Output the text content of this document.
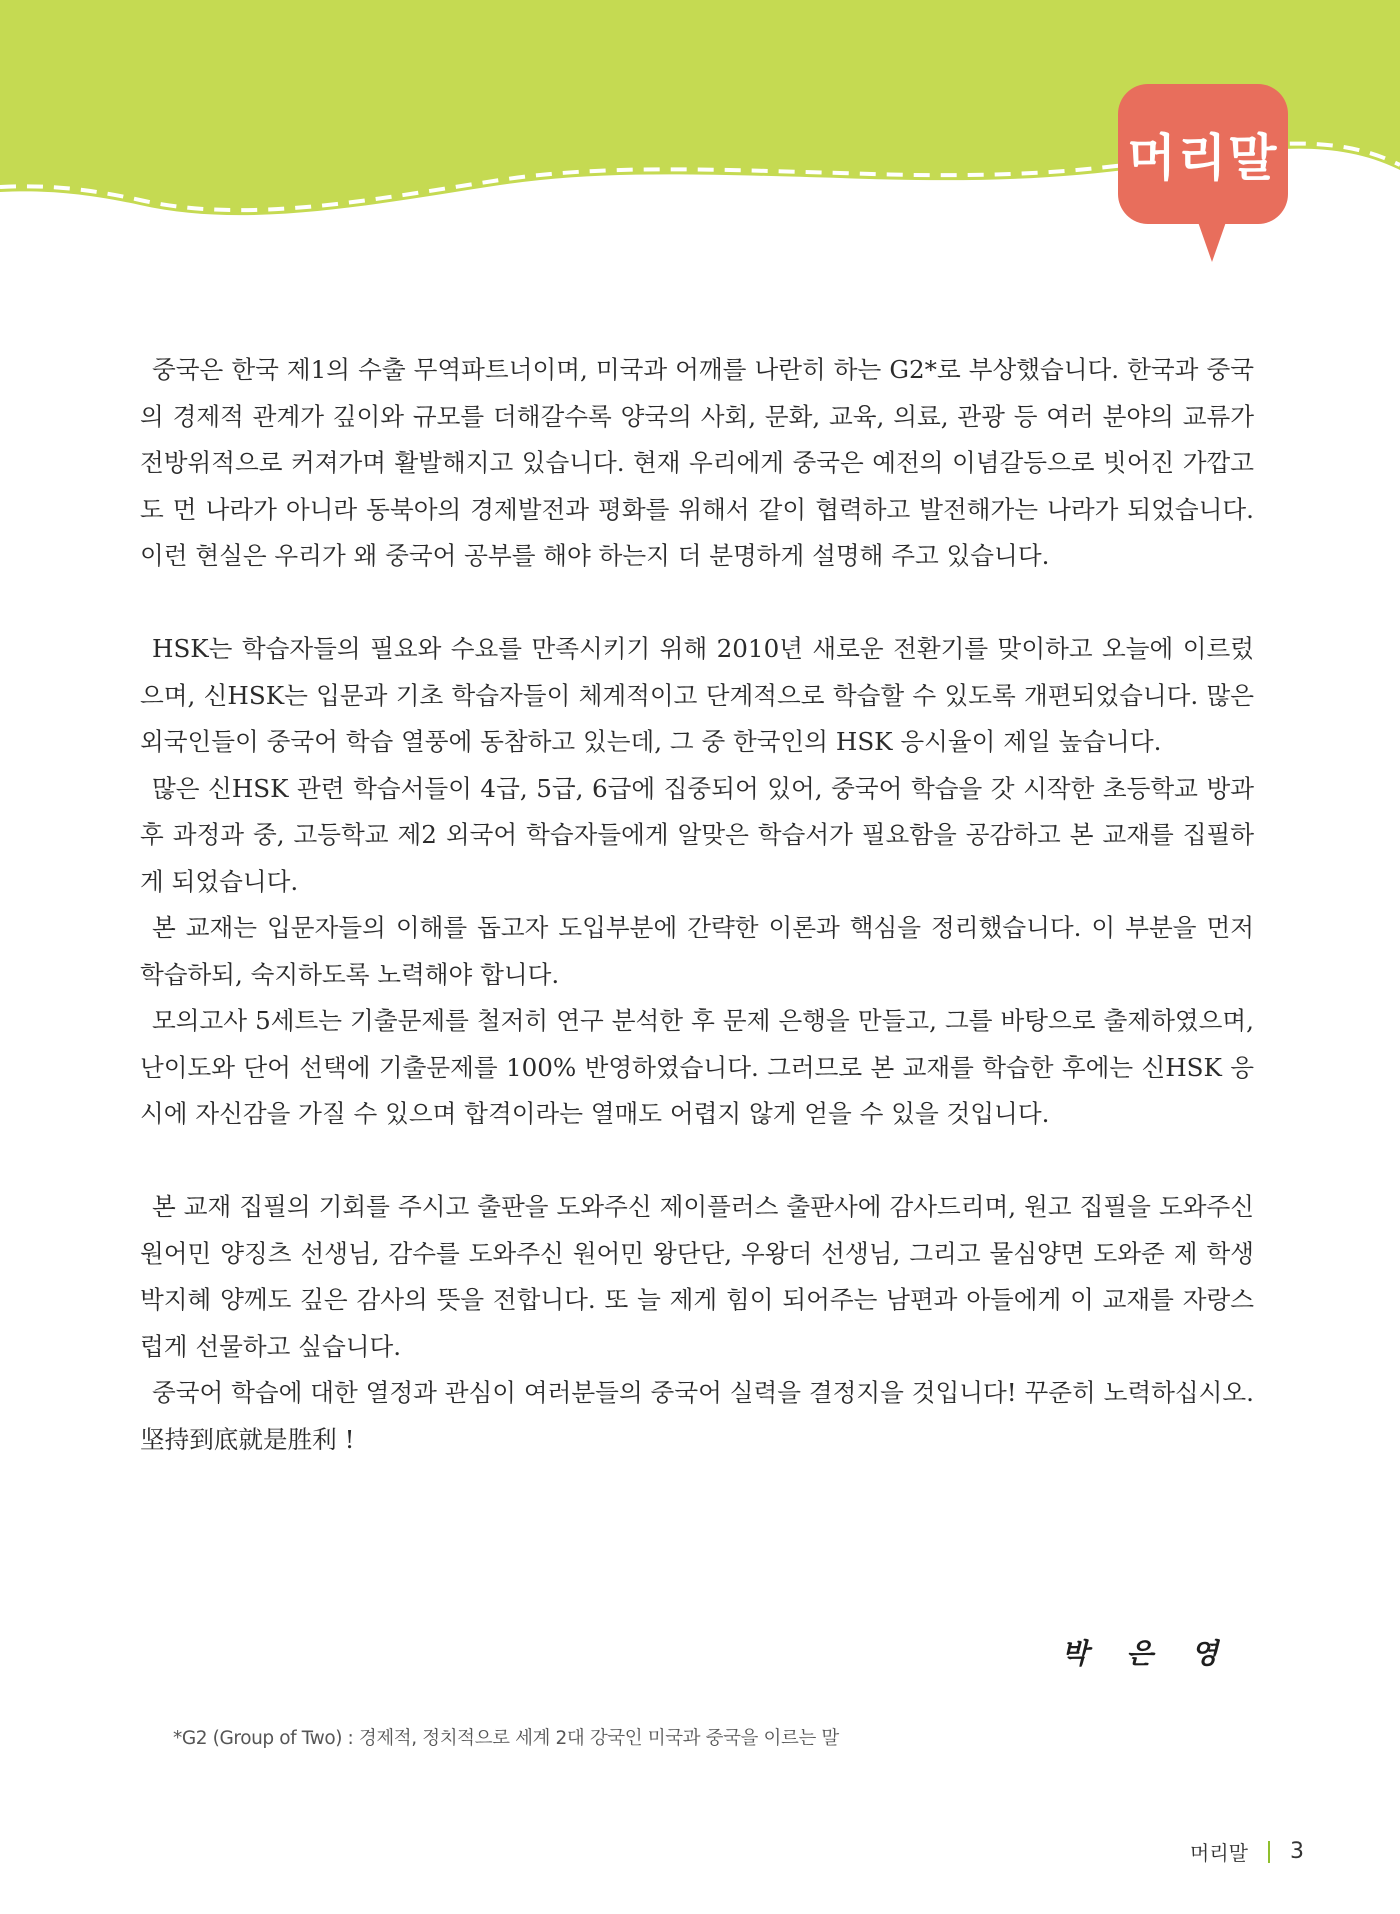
머리말

중국은 한국 제1의 수출 무역파트너이며, 미국과 어깨를 나란히 하는 G2*로 부상했습니다. 한국과 중국의 경제적 관계가 깊이와 규모를 더해갈수록 양국의 사회, 문화, 교육, 의료, 관광 등 여러 분야의 교류가 전방위적으로 커져가며 활발해지고 있습니다. 현재 우리에게 중국은 예전의 이념갈등으로 빗어진 가깝고도 먼 나라가 아니라 동북아의 경제발전과 평화를 위해서 같이 협력하고 발전해가는 나라가 되었습니다. 이런 현실은 우리가 왜 중국어 공부를 해야 하는지 더 분명하게 설명해 주고 있습니다.

HSK는 학습자들의 필요와 수요를 만족시키기 위해 2010년 새로운 전환기를 맞이하고 오늘에 이르렀으며, 신HSK는 입문과 기초 학습자들이 체계적이고 단계적으로 학습할 수 있도록 개편되었습니다. 많은 외국인들이 중국어 학습 열풍에 동참하고 있는데, 그 중 한국인의 HSK 응시율이 제일 높습니다.

많은 신HSK 관련 학습서들이 4급, 5급, 6급에 집중되어 있어, 중국어 학습을 갓 시작한 초등학교 방과 후 과정과 중, 고등학교 제2 외국어 학습자들에게 알맞은 학습서가 필요함을 공감하고 본 교재를 집필하게 되었습니다.

본 교재는 입문자들의 이해를 돕고자 도입부분에 간략한 이론과 핵심을 정리했습니다. 이 부분을 먼저 학습하되, 숙지하도록 노력해야 합니다.

모의고사 5세트는 기출문제를 철저히 연구 분석한 후 문제 은행을 만들고, 그를 바탕으로 출제하였으며, 난이도와 단어 선택에 기출문제를 100% 반영하였습니다. 그러므로 본 교재를 학습한 후에는 신HSK 응시에 자신감을 가질 수 있으며 합격이라는 열매도 어렵지 않게 얻을 수 있을 것입니다.

본 교재 집필의 기회를 주시고 출판을 도와주신 제이플러스 출판사에 감사드리며, 원고 집필을 도와주신 원어민 양징츠 선생님, 감수를 도와주신 원어민 왕단단, 우왕더 선생님, 그리고 물심양면 도와준 제 학생 박지혜 양께도 깊은 감사의 뜻을 전합니다. 또 늘 제게 힘이 되어주는 남편과 아들에게 이 교재를 자랑스럽게 선물하고 싶습니다.

중국어 학습에 대한 열정과 관심이 여러분들의 중국어 실력을 결정지을 것입니다! 꾸준히 노력하십시오. 坚持到底就是胜利 !

박 은 영
*G2 (Group of Two) : 경제적, 정치적으로 세계 2대 강국인 미국과 중국을 이르는 말
머리말 3
